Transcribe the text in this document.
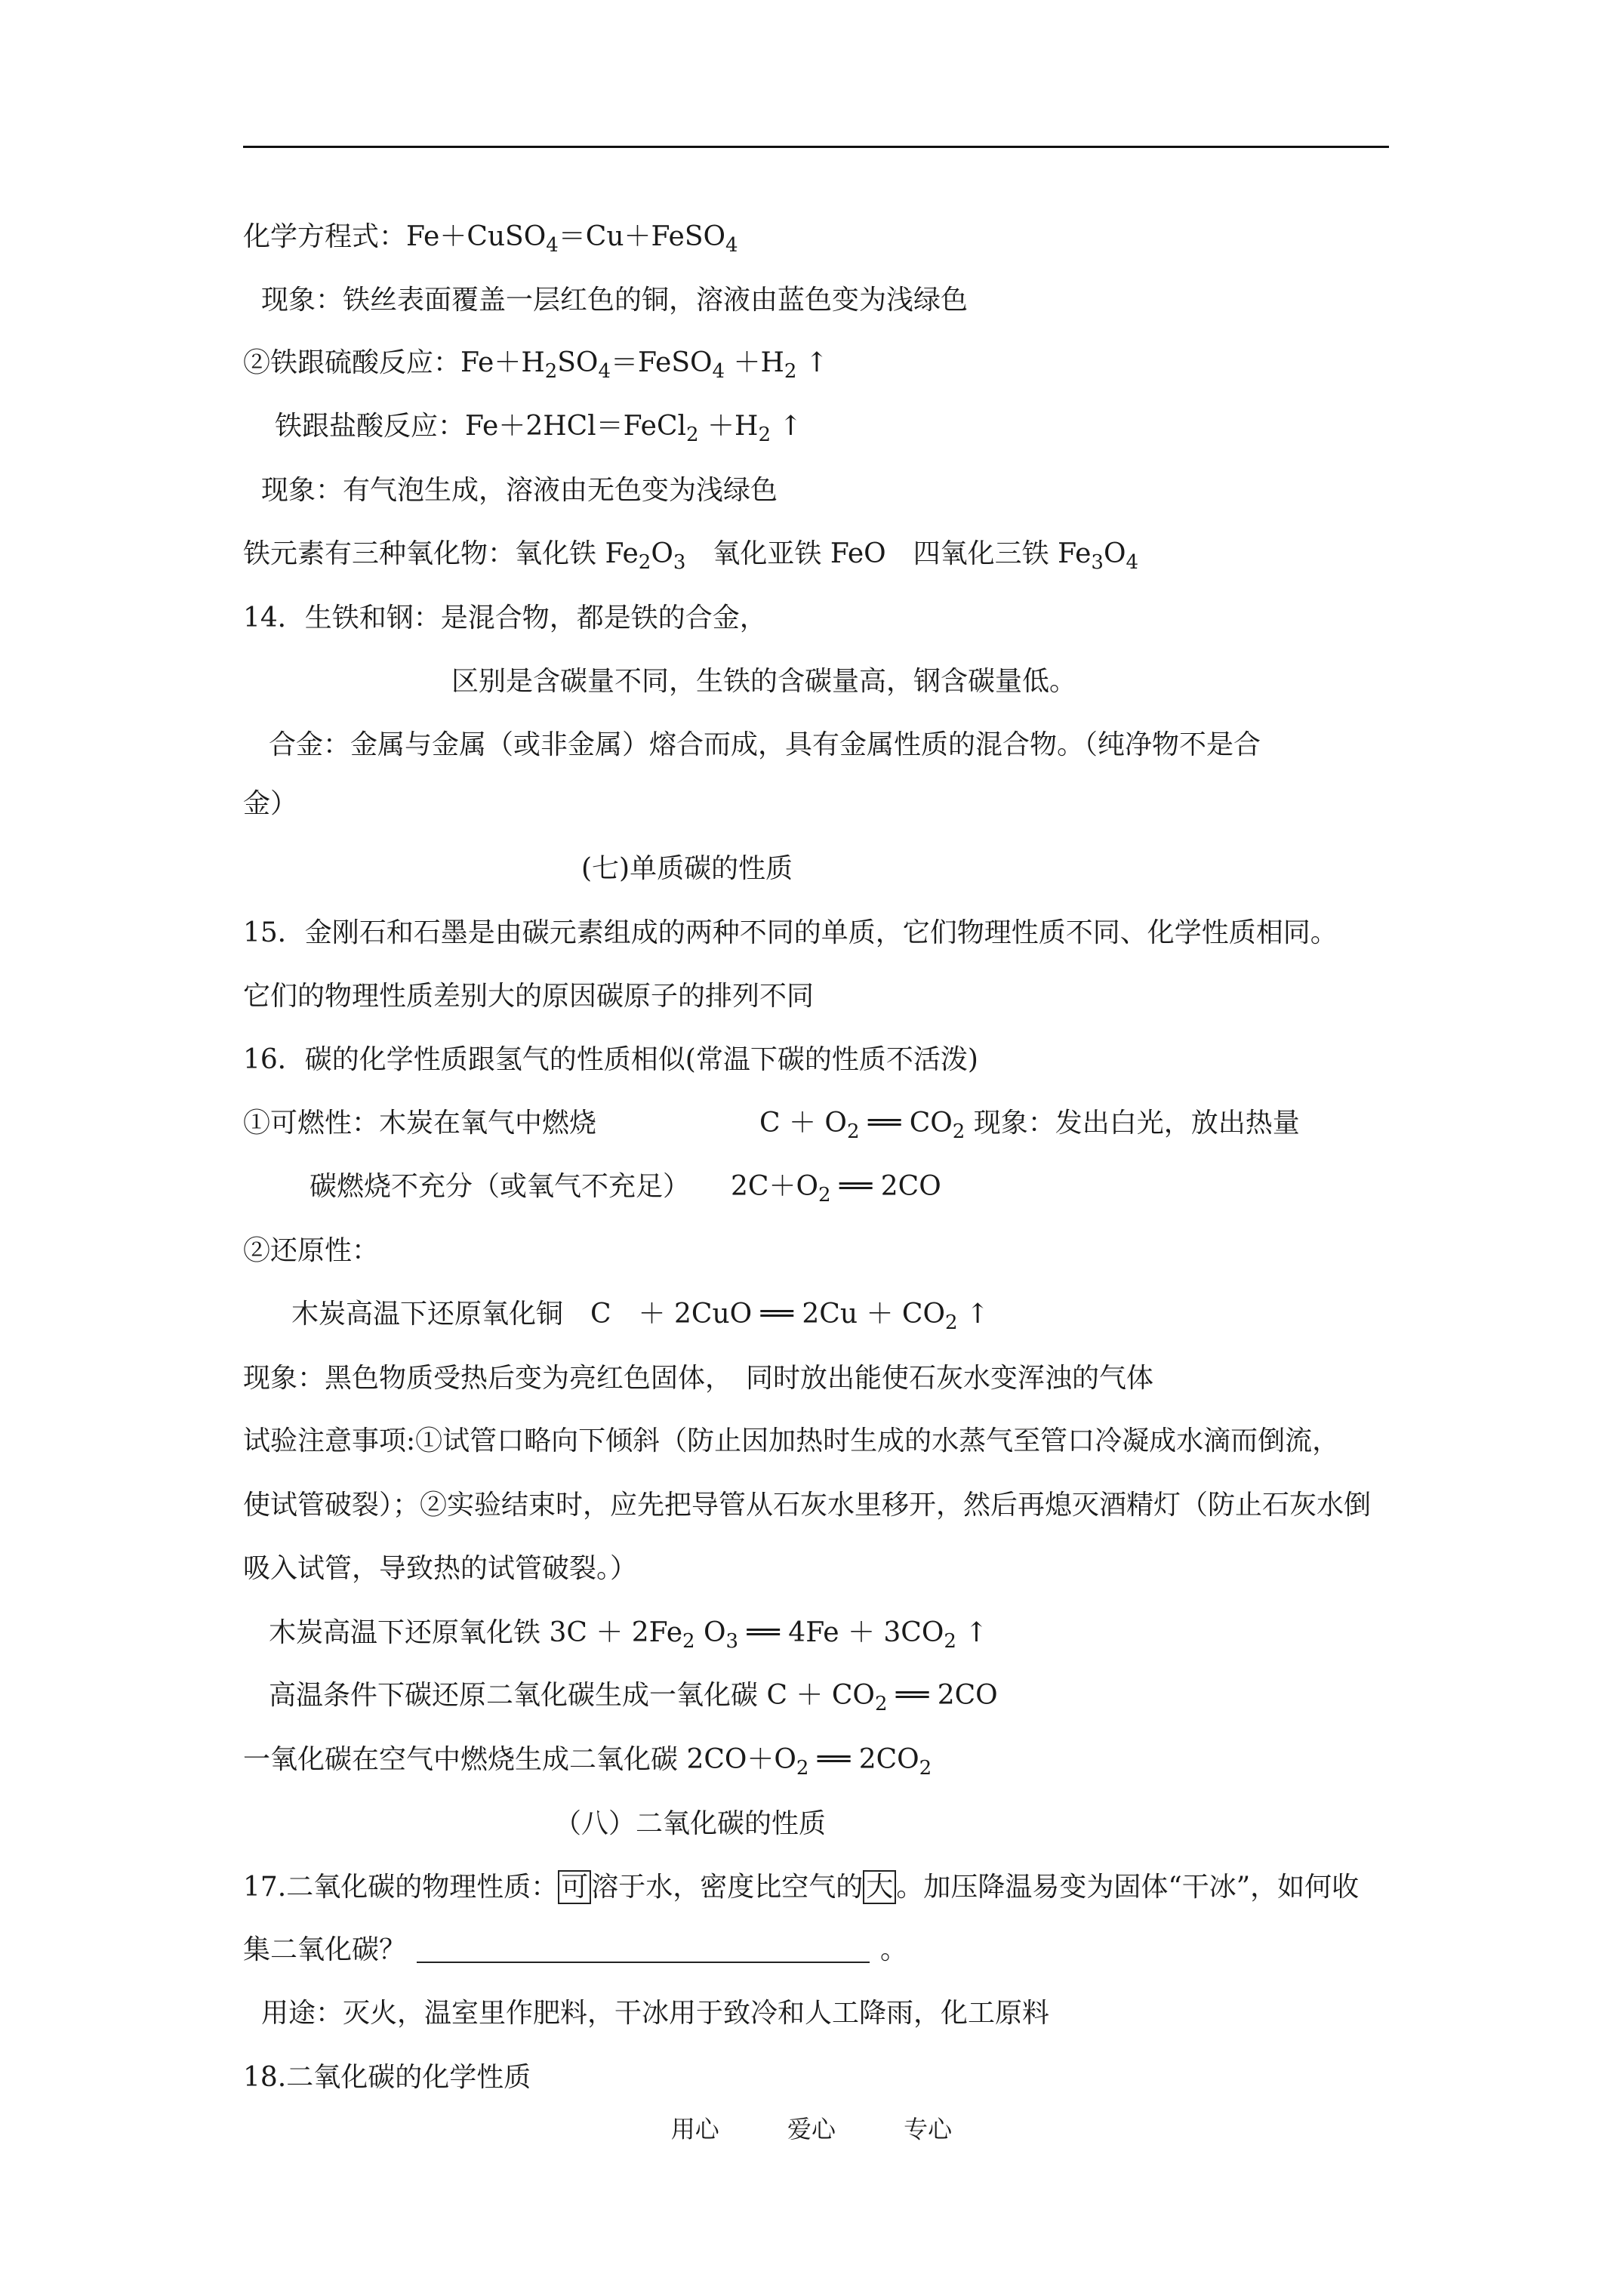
化学方程式：Fe＋CuSO$_4$＝Cu＋FeSO$_4$
现象：铁丝表面覆盖一层红色的铜，溶液由蓝色变为浅绿色
②铁跟硫酸反应：$Fe+H_2SO_4=FeSO_4 +H_2$ ↑
铁跟盐酸反应：Fe＋2HCl＝FeCl$_2$ $+H_2$ ↑
现象：有气泡生成，溶液由无色变为浅绿色
铁元素有三种氧化物：氧化铁 $Fe_2O_3$　氧化亚铁 FeO　四氧化三铁 $Fe_3O_4$
14．生铁和钢：是混合物，都是铁的合金，
区别是含碳量不同，生铁的含碳量高，钢含碳量低。
合金：金属与金属（或非金属）熔合而成，具有金属性质的混合物。（纯净物不是合
金）
(七)单质碳的性质
15．金刚石和石墨是由碳元素组成的两种不同的单质，它们物理性质不同、化学性质相同。
它们的物理性质差别大的原因碳原子的排列不同
16．碳的化学性质跟氢气的性质相似(常温下碳的性质不活泼)
①可燃性：木炭在氧气中燃烧　　　　　　$C + O_2$ ══ $CO_2$ 现象：发出白光，放出热量
碳燃烧不充分（或氧气不充足）　　$2C+O_2$ ══ 2CO
②还原性：
木炭高温下还原氧化铜　C　＋ 2CuO ══ $2Cu + CO_2$ ↑
现象：黑色物质受热后变为亮红色固体，　同时放出能使石灰水变浑浊的气体
试验注意事项:①试管口略向下倾斜（防止因加热时生成的水蒸气至管口冷凝成水滴而倒流，
使试管破裂）；②实验结束时，应先把导管从石灰水里移开，然后再熄灭酒精灯（防止石灰水倒
吸入试管，导致热的试管破裂。）
木炭高温下还原氧化铁 $3C + 2Fe_2$ $O_3$ ══ $4Fe + 3CO_2$ ↑
高温条件下碳还原二氧化碳生成一氧化碳 $C + CO_2$ ══ 2CO
一氧化碳在空气中燃烧生成二氧化碳 $2CO+O_2$ ══ $2CO_2$
（八）二氧化碳的性质
17.二氧化碳的物理性质： 可 溶于水，密度比空气的 大 。加压降温易变为固体“干冰”，如何收
集二氧化碳？	。
用途：灭火，温室里作肥料，干冰用于致冷和人工降雨，化工原料
18.二氧化碳的化学性质
用心	爱心	专心
